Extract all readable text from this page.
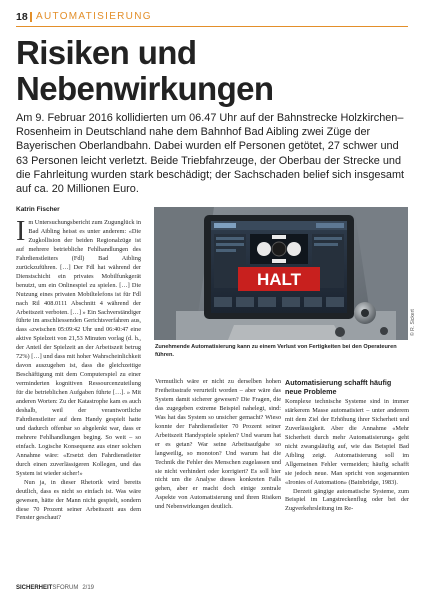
18 AUTOMATISIERUNG
Risiken und
Nebenwirkungen

Am 9. Februar 2016 kollidierten um 06.47 Uhr auf der Bahnstrecke Holzkirchen–Rosenheim in Deutschland nahe dem Bahnhof Bad Aibling zwei Züge der Bayerischen Oberlandbahn. Dabei wurden elf Personen getötet, 27 schwer und 63 Personen leicht verletzt. Beide Triebfahrzeuge, der Oberbau der Strecke und die Fahrleitung wurden stark beschädigt; der Sachschaden belief sich insgesamt auf ca. 20 Millionen Euro.

Katrin Fischer
I m Untersuchungsbericht zum Zugunglück in Bad Aibling heisst es unter anderem: «Die Zugkollision der beiden Regionalzüge ist auf mehrere betriebliche Fehlhandlungen des Fahrdienstleiters (Fdl) Bad Aibling zurückzuführen. […] Der Fdl hat während der Dienstschicht ein privates Mobilfunkgerät benutzt, um ein Onlinespiel zu spielen. […] Die Nutzung eines privaten Mobiltelefons ist für Fdl nach Ril 408.0111 Abschnitt 4 während der Arbeitszeit verboten. […] » Ein Sachverständiger führte im anschliessenden Gerichtsverfahren aus, dass «zwischen 05:09:42 Uhr und 06:40:47 eine aktive Spielzeit von 21,53 Minuten vorlag (d. h., der Anteil der Spielzeit an der Arbeitszeit betrug 72%) […] und dass mit hoher Wahrscheinlichkeit davon auszugehen ist, dass die gleichzeitige Beschäftigung mit dem Computerspiel zu einer verminderten kognitiven Ressourcenzuteilung für die betrieblichen Aufgaben führte […]. » Mit anderen Worten: Zu der Katastrophe kam es auch deshalb, weil der verantwortliche Fahrdienstleiter auf dem Handy gespielt hatte und dadurch offenbar so abgelenkt war, dass er mehrere Fehlhandlungen beging. So weit – so einfach. Logische Konsequenz aus einer solchen Annahme wäre: «Ersetzt den Fahrdienstleiter durch einen zuverlässigeren Kollegen, und das System ist wieder sicher!»

Nun ja, in dieser Rhetorik wird bereits deutlich, dass es nicht so einfach ist. Was wäre gewesen, hätte der Mann nicht gespielt, sondern diese 70 Prozent seiner Arbeitszeit aus dem Fenster geschaut?

HALT
Zunehmende Automatisierung kann zu einem Verlust von Fertigkeiten bei den Operateuren führen.
© R. Sickert

Vermutlich wäre er nicht zu derselben hohen Freiheitsstrafe verurteilt worden – aber wäre das System damit sicherer gewesen? Die Fragen, die das zugegeben extreme Beispiel nahelegt, sind: Was hat das System so unsicher gemacht? Wieso konnte der Fahrdienstleiter 70 Prozent seiner Arbeitszeit Handyspiele spielen? Und warum hat er es getan? War seine Arbeitsaufgabe so langweilig, so monoton? Und warum hat die Technik die Fehler des Menschen zugelassen und sie nicht verhindert oder korrigiert? Es soll hier nicht um die Analyse dieses konkreten Falls gehen, aber er macht doch einige zentrale Aspekte von Automatisierung und ihren Risiken und Nebenwirkungen deutlich.

Automatisierung schafft häufig neue Probleme

Komplexe technische Systeme sind in immer stärkerem Masse automatisiert – unter anderem mit dem Ziel der Erhöhung ihrer Sicherheit und Zuverlässigkeit. Aber die Annahme «Mehr Sicherheit durch mehr Automatisierung» geht nicht zwangsläufig auf, wie das Beispiel Bad Aibling zeigt. Automatisierung soll im Allgemeinen Fehler vermeiden; häufig schafft sie jedoch neue. Man spricht von sogenannten «Ironies of Automation» (Bainbridge, 1983).

Derzeit gängige automatische Systeme, zum Beispiel im Langstreckenflug oder bei der Zugverkehrsleitung im Re-

SICHERHEITSFORUM 2/19
